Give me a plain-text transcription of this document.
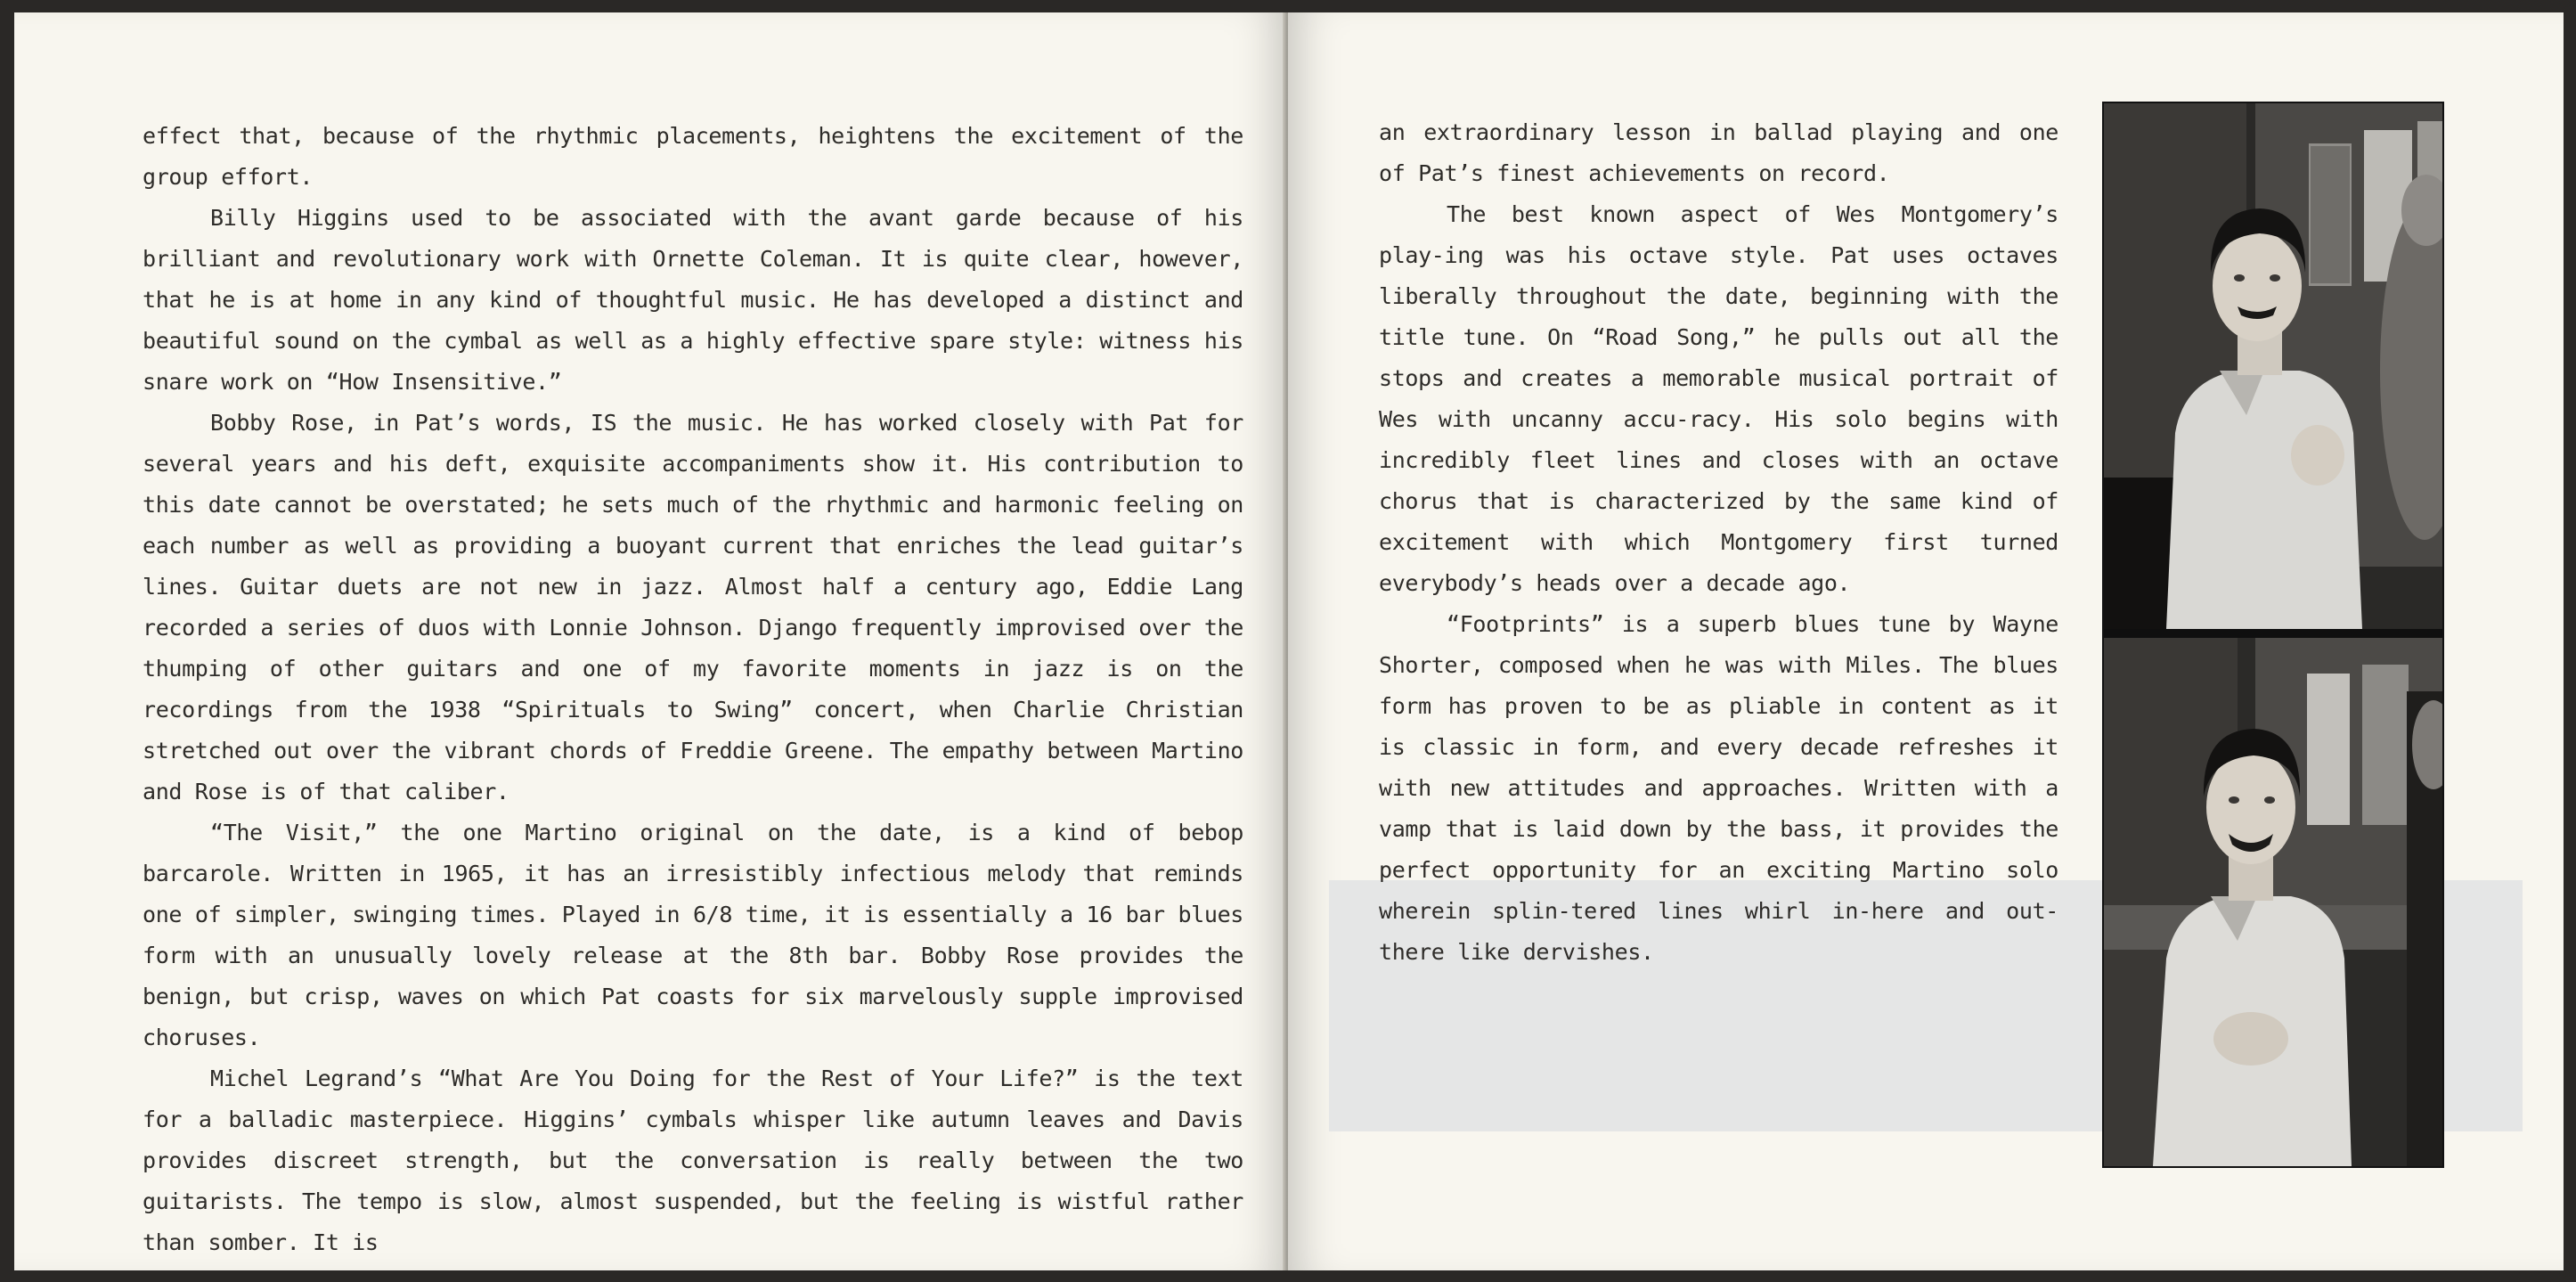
effect that, because of the rhythmic placements, heightens the excitement of the group effort.

Billy Higgins used to be associated with the avant garde because of his brilliant and revolutionary work with Ornette Coleman. It is quite clear, however, that he is at home in any kind of thoughtful music. He has developed a distinct and beautiful sound on the cymbal as well as a highly effective spare style: witness his snare work on “How Insensitive.”

Bobby Rose, in Pat’s words, IS the music. He has worked closely with Pat for several years and his deft, exquisite accompaniments show it. His contribution to this date cannot be overstated; he sets much of the rhythmic and harmonic feeling on each number as well as providing a buoyant current that enriches the lead guitar’s lines. Guitar duets are not new in jazz. Almost half a century ago, Eddie Lang recorded a series of duos with Lonnie Johnson. Django frequently improvised over the thumping of other guitars and one of my favorite moments in jazz is on the recordings from the 1938 “Spirituals to Swing” concert, when Charlie Christian stretched out over the vibrant chords of Freddie Greene. The empathy between Martino and Rose is of that caliber.

“The Visit,” the one Martino original on the date, is a kind of bebop barcarole. Written in 1965, it has an irresistibly infectious melody that reminds one of simpler, swinging times. Played in 6/8 time, it is essentially a 16 bar blues form with an unusually lovely release at the 8th bar. Bobby Rose provides the benign, but crisp, waves on which Pat coasts for six marvelously supple improvised choruses.

Michel Legrand’s “What Are You Doing for the Rest of Your Life?” is the text for a balladic masterpiece. Higgins’ cymbals whisper like autumn leaves and Davis provides discreet strength, but the conversation is really between the two guitarists. The tempo is slow, almost suspended, but the feeling is wistful rather than somber. It is

an extraordinary lesson in ballad playing and one of Pat’s finest achievements on record.

The best known aspect of Wes Montgomery’s play-ing was his octave style. Pat uses octaves liberally throughout the date, beginning with the title tune. On “Road Song,” he pulls out all the stops and creates a memorable musical portrait of Wes with uncanny accu-racy. His solo begins with incredibly fleet lines and closes with an octave chorus that is characterized by the same kind of excitement with which Montgomery first turned everybody’s heads over a decade ago.

“Footprints” is a superb blues tune by Wayne Shorter, composed when he was with Miles. The blues form has proven to be as pliable in content as it is classic in form, and every decade refreshes it with new attitudes and approaches. Written with a vamp that is laid down by the bass, it provides the perfect opportunity for an exciting Martino solo wherein splin-tered lines whirl in-here and out-there like dervishes.
